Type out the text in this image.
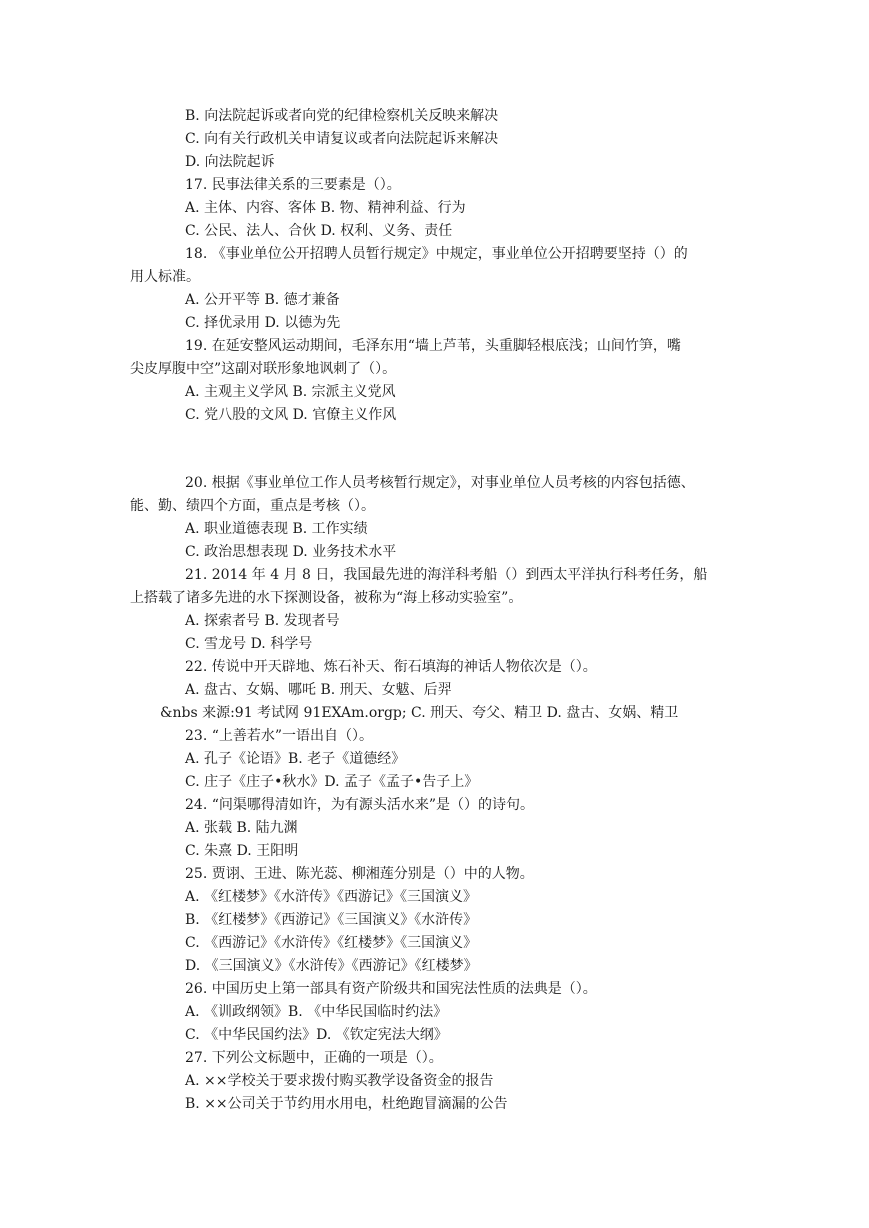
B. 向法院起诉或者向党的纪律检察机关反映来解决
C. 向有关行政机关申请复议或者向法院起诉来解决
D. 向法院起诉
17. 民事法律关系的三要素是（）。
A. 主体、内容、客体 B. 物、精神利益、行为
C. 公民、法人、合伙 D. 权利、义务、责任
18. 《事业单位公开招聘人员暂行规定》中规定，事业单位公开招聘要坚持（）的
用人标准。
A. 公开平等 B. 德才兼备
C. 择优录用 D. 以德为先
19. 在延安整风运动期间，毛泽东用“墙上芦苇，头重脚轻根底浅；山间竹笋，嘴
尖皮厚腹中空”这副对联形象地讽刺了（）。
A. 主观主义学风 B. 宗派主义党风
C. 党八股的文风 D. 官僚主义作风
20. 根据《事业单位工作人员考核暂行规定》，对事业单位人员考核的内容包括德、
能、勤、绩四个方面，重点是考核（）。
A. 职业道德表现 B. 工作实绩
C. 政治思想表现 D. 业务技术水平
21. 2014 年 4 月 8 日，我国最先进的海洋科考船（）到西太平洋执行科考任务，船
上搭载了诸多先进的水下探测设备，被称为“海上移动实验室”。
A. 探索者号 B. 发现者号
C. 雪龙号 D. 科学号
22. 传说中开天辟地、炼石补天、衔石填海的神话人物依次是（）。
A. 盘古、女娲、哪吒 B. 刑天、女魃、后羿
&nbs 来源:91 考试网 91EXAm.orgp; C. 刑天、夸父、精卫 D. 盘古、女娲、精卫
23. “上善若水”一语出自（）。
A. 孔子《论语》B. 老子《道德经》
C. 庄子《庄子•秋水》D. 孟子《孟子•告子上》
24. “问渠哪得清如许，为有源头活水来”是（）的诗句。
A. 张载 B. 陆九渊
C. 朱熹 D. 王阳明
25. 贾诩、王进、陈光蕊、柳湘莲分别是（）中的人物。
A. 《红楼梦》《水浒传》《西游记》《三国演义》
B. 《红楼梦》《西游记》《三国演义》《水浒传》
C. 《西游记》《水浒传》《红楼梦》《三国演义》
D. 《三国演义》《水浒传》《西游记》《红楼梦》
26. 中国历史上第一部具有资产阶级共和国宪法性质的法典是（）。
A. 《训政纲领》B. 《中华民国临时约法》
C. 《中华民国约法》D. 《钦定宪法大纲》
27. 下列公文标题中，正确的一项是（）。
A. ××学校关于要求拨付购买教学设备资金的报告
B. ××公司关于节约用水用电，杜绝跑冒滴漏的公告
